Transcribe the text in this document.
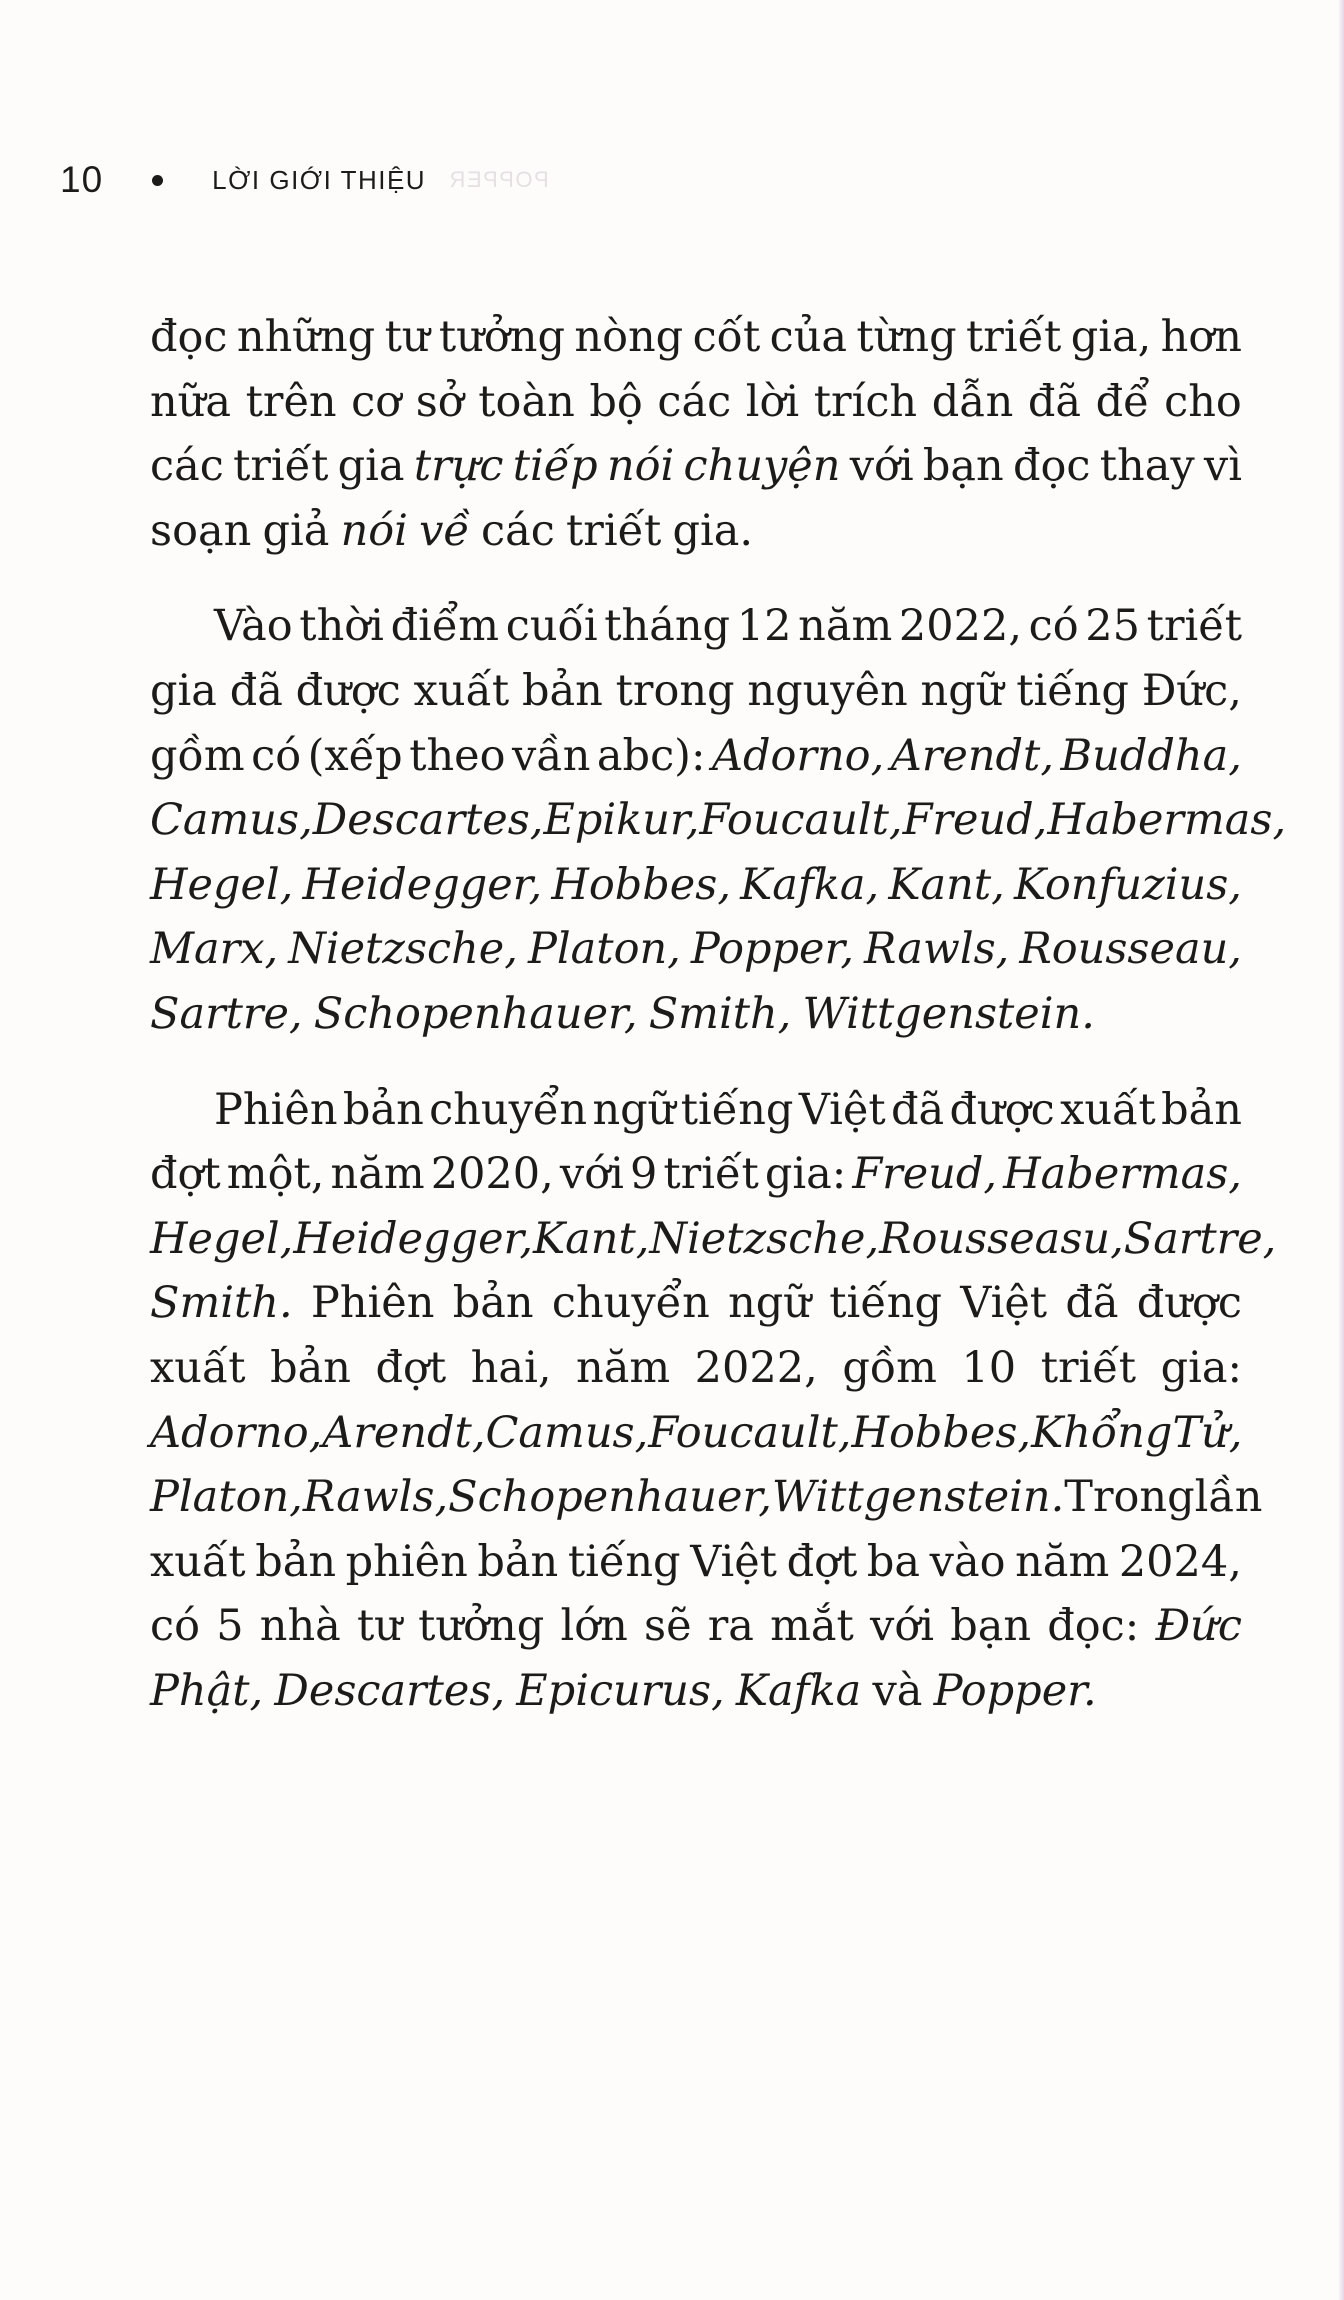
10	LỜI GIỚI THIỆU POPPER
đọc những tư tưởng nòng cốt của từng triết gia, hơn
nữa trên cơ sở toàn bộ các lời trích dẫn đã để cho
các triết gia trực tiếp nói chuyện với bạn đọc thay vì
soạn giả nói về các triết gia.
Vào thời điểm cuối tháng 12 năm 2022, có 25 triết
gia đã được xuất bản trong nguyên ngữ tiếng Đức,
gồm có (xếp theo vần abc): Adorno, Arendt, Buddha,
Camus, Descartes, Epikur, Foucault, Freud, Habermas,
Hegel, Heidegger, Hobbes, Kafka, Kant, Konfuzius,
Marx, Nietzsche, Platon, Popper, Rawls, Rousseau,
Sartre, Schopenhauer, Smith, Wittgenstein.
Phiên bản chuyển ngữ tiếng Việt đã được xuất bản
đợt một, năm 2020, với 9 triết gia: Freud, Habermas,
Hegel, Heidegger, Kant, Nietzsche, Rousseasu, Sartre,
Smith. Phiên bản chuyển ngữ tiếng Việt đã được
xuất bản đợt hai, năm 2022, gồm 10 triết gia:
Adorno, Arendt, Camus, Foucault, Hobbes, Khổng Tử,
Platon, Rawls, Schopenhauer, Wittgenstein. Trong lần
xuất bản phiên bản tiếng Việt đợt ba vào năm 2024,
có 5 nhà tư tưởng lớn sẽ ra mắt với bạn đọc: Đức
Phật, Descartes, Epicurus, Kafka và Popper.
